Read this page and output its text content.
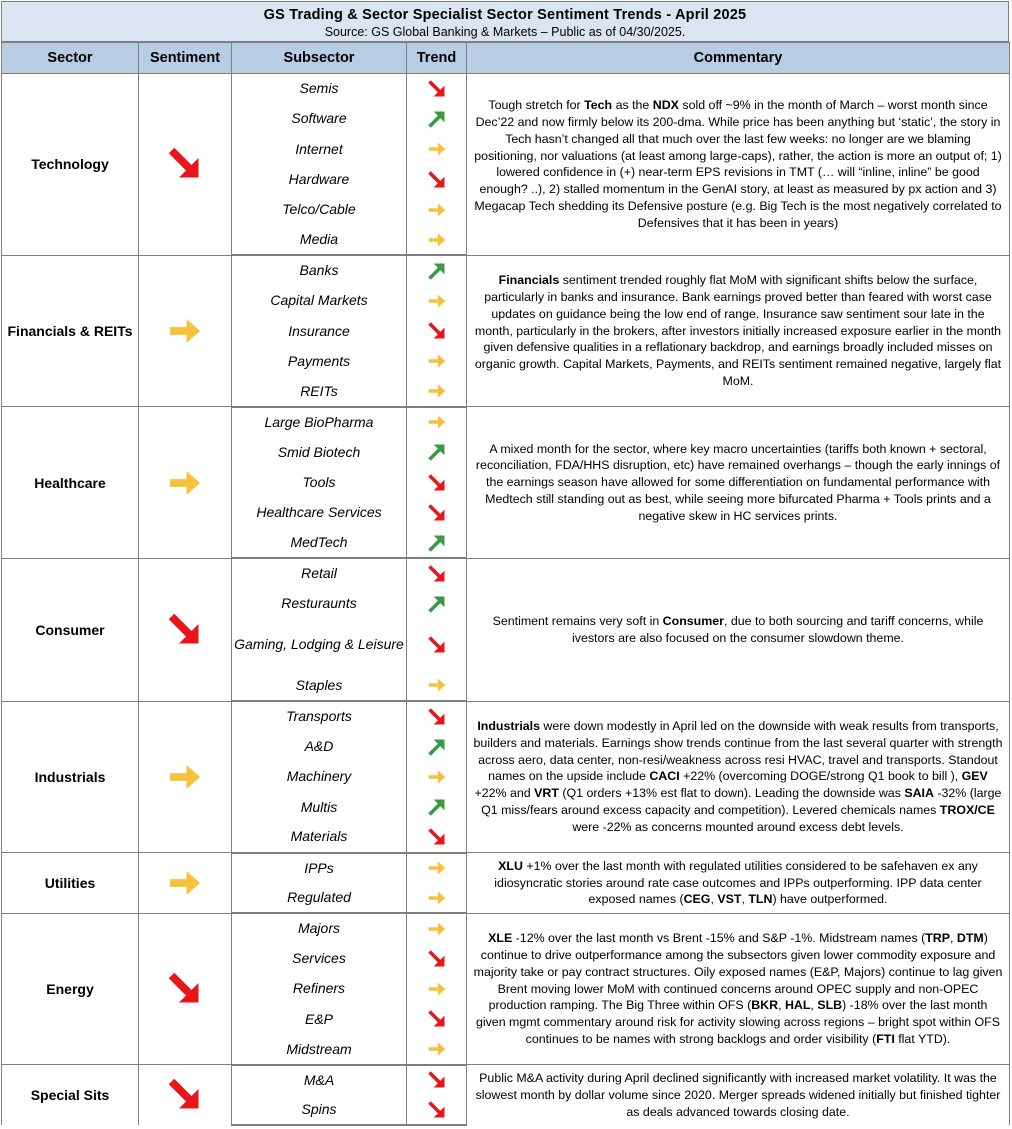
GS Trading & Sector Specialist Sector Sentiment Trends - April 2025
Source: GS Global Banking & Markets – Public as of 04/30/2025.
Sector	Sentiment	Subsector	Trend	Commentary
Technology		Semis		Tough stretch for Tech as the NDX sold off ~9% in the month of March – worst month since Dec’22 and now firmly below its 200-dma. While price has been anything but ‘static’, the story in Tech hasn’t changed all that much over the last few weeks: no longer are we blaming positioning, nor valuations (at least among large-caps), rather, the action is more an output of; 1) lowered confidence in (+) near-term EPS revisions in TMT (… will “inline, inline” be good enough? ..), 2) stalled momentum in the GenAI story, at least as measured by px action and 3) Megacap Tech shedding its Defensive posture (e.g. Big Tech is the most negatively correlated to Defensives that it has been in years)
		Software	

		Internet	

		Hardware	

		Telco/Cable	

		Media	

Financials & REITs		Banks		Financials sentiment trended roughly flat MoM with significant shifts below the surface, particularly in banks and insurance. Bank earnings proved better than feared with worst case updates on guidance being the low end of range. Insurance saw sentiment sour late in the month, particularly in the brokers, after investors initially increased exposure earlier in the month given defensive qualities in a reflationary backdrop, and earnings broadly included misses on organic growth. Capital Markets, Payments, and REITs sentiment remained negative, largely flat MoM.
		Capital Markets	

		Insurance	

		Payments	

		REITs	

Healthcare		Large BioPharma		A mixed month for the sector, where key macro uncertainties (tariffs both known + sectoral, reconciliation, FDA/HHS disruption, etc) have remained overhangs – though the early innings of the earnings season have allowed for some differentiation on fundamental performance with Medtech still standing out as best, while seeing more bifurcated Pharma + Tools prints and a negative skew in HC services prints.
		Smid Biotech	

		Tools	

		Healthcare Services	

		MedTech	

Consumer		Retail		Sentiment remains very soft in Consumer, due to both sourcing and tariff concerns, while ivestors are also focused on the consumer slowdown theme.
		Resturaunts	

		Gaming, Lodging & Leisure	

		Staples	

Industrials		Transports		Industrials were down modestly in April led on the downside with weak results from transports, builders and materials. Earnings show trends continue from the last several quarter with strength across aero, data center, non-resi/weakness across resi HVAC, travel and transports. Standout names on the upside include CACI +22% (overcoming DOGE/strong Q1 book to bill ), GEV +22% and VRT (Q1 orders +13% est flat to down). Leading the downside was SAIA -32% (large Q1 miss/fears around excess capacity and competition). Levered chemicals names TROX/CE were -22% as concerns mounted around excess debt levels.
		A&D	

		Machinery	

		Multis	

		Materials	

Utilities		IPPs		XLU +1% over the last month with regulated utilities considered to be safehaven ex any idiosyncratic stories around rate case outcomes and IPPs outperforming. IPP data center exposed names (CEG, VST, TLN) have outperformed.
		Regulated	

Energy		Majors		XLE -12% over the last month vs Brent -15% and S&P -1%. Midstream names (TRP, DTM) continue to drive outperformance among the subsectors given lower commodity exposure and majority take or pay contract structures. Oily exposed names (E&P, Majors) continue to lag given Brent moving lower MoM with continued concerns around OPEC supply and non-OPEC production ramping. The Big Three within OFS (BKR, HAL, SLB) -18% over the last month given mgmt commentary around risk for activity slowing across regions – bright spot within OFS continues to be names with strong backlogs and order visibility (FTI flat YTD).
		Services	

		Refiners	

		E&P	

		Midstream	

Special Sits		M&A		Public M&A activity during April declined significantly with increased market volatility. It was the slowest month by dollar volume since 2020. Merger spreads widened initially but finished tighter as deals advanced towards closing date.
		Spins	
